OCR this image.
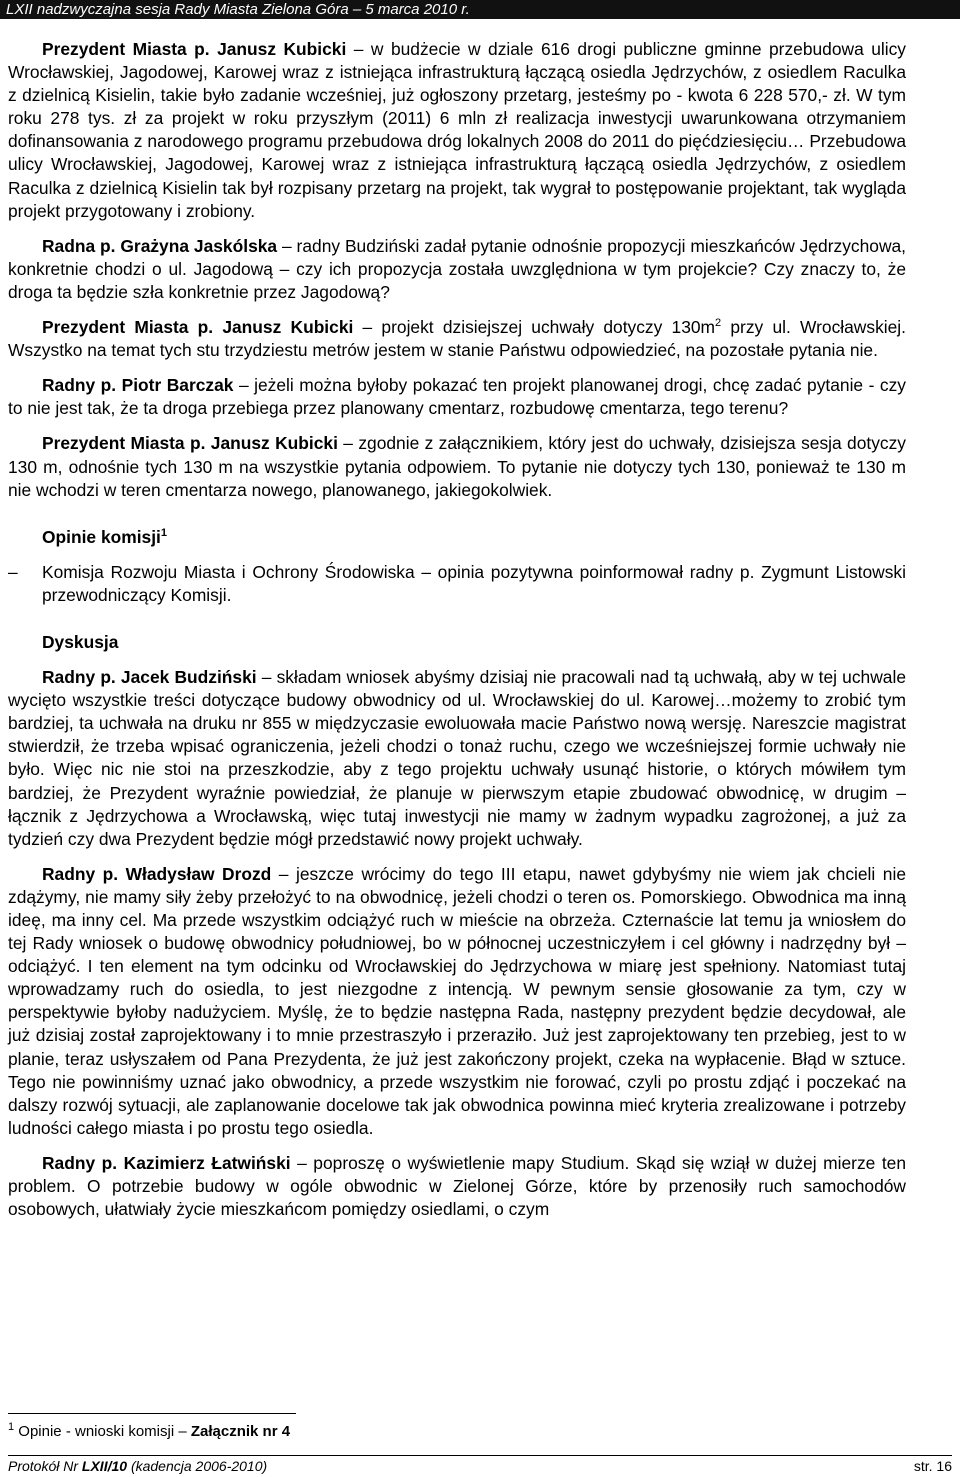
LXII nadzwyczajna sesja Rady Miasta Zielona Góra – 5 marca 2010 r.

Prezydent Miasta p. Janusz Kubicki – w budżecie w dziale 616 drogi publiczne gminne przebudowa ulicy Wrocławskiej, Jagodowej, Karowej wraz z istniejąca infrastrukturą łączącą osiedla Jędrzychów, z osiedlem Raculka z dzielnicą Kisielin, takie było zadanie wcześniej, już ogłoszony przetarg, jesteśmy po - kwota 6 228 570,- zł. W tym roku 278 tys. zł za projekt w roku przyszłym (2011) 6 mln zł realizacja inwestycji uwarunkowana otrzymaniem dofinansowania z narodowego programu przebudowa dróg lokalnych 2008 do 2011 do pięćdziesięciu… Przebudowa ulicy Wrocławskiej, Jagodowej, Karowej wraz z istniejąca infrastrukturą łączącą osiedla Jędrzychów, z osiedlem Raculka z dzielnicą Kisielin tak był rozpisany przetarg na projekt, tak wygrał to postępowanie projektant, tak wygląda projekt przygotowany i zrobiony.

Radna p. Grażyna Jaskólska – radny Budziński zadał pytanie odnośnie propozycji mieszkańców Jędrzychowa, konkretnie chodzi o ul. Jagodową – czy ich propozycja została uwzględniona w tym projekcie? Czy znaczy to, że droga ta będzie szła konkretnie przez Jagodową?

Prezydent Miasta p. Janusz Kubicki – projekt dzisiejszej uchwały dotyczy $130m^2$ przy ul. Wrocławskiej. Wszystko na temat tych stu trzydziestu metrów jestem w stanie Państwu odpowiedzieć, na pozostałe pytania nie.

Radny p. Piotr Barczak – jeżeli można byłoby pokazać ten projekt planowanej drogi, chcę zadać pytanie - czy to nie jest tak, że ta droga przebiega przez planowany cmentarz, rozbudowę cmentarza, tego terenu?

Prezydent Miasta p. Janusz Kubicki – zgodnie z załącznikiem, który jest do uchwały, dzisiejsza sesja dotyczy 130 m, odnośnie tych 130 m na wszystkie pytania odpowiem. To pytanie nie dotyczy tych 130, ponieważ te 130 m nie wchodzi w teren cmentarza nowego, planowanego, jakiegokolwiek.

Opinie komisji$^1$
–	Komisja Rozwoju Miasta i Ochrony Środowiska – opinia pozytywna poinformował radny p. Zygmunt Listowski przewodniczący Komisji.
Dyskusja

Radny p. Jacek Budziński – składam wniosek abyśmy dzisiaj nie pracowali nad tą uchwałą, aby w tej uchwale wycięto wszystkie treści dotyczące budowy obwodnicy od ul. Wrocławskiej do ul. Karowej…możemy to zrobić tym bardziej, ta uchwała na druku nr 855 w międzyczasie ewoluowała macie Państwo nową wersję. Nareszcie magistrat stwierdził, że trzeba wpisać ograniczenia, jeżeli chodzi o tonaż ruchu, czego we wcześniejszej formie uchwały nie było. Więc nic nie stoi na przeszkodzie, aby z tego projektu uchwały usunąć historie, o których mówiłem tym bardziej, że Prezydent wyraźnie powiedział, że planuje w pierwszym etapie zbudować obwodnicę, w drugim – łącznik z Jędrzychowa a Wrocławską, więc tutaj inwestycji nie mamy w żadnym wypadku zagrożonej, a już za tydzień czy dwa Prezydent będzie mógł przedstawić nowy projekt uchwały.

Radny p. Władysław Drozd – jeszcze wrócimy do tego III etapu, nawet gdybyśmy nie wiem jak chcieli nie zdążymy, nie mamy siły żeby przełożyć to na obwodnicę, jeżeli chodzi o teren os. Pomorskiego. Obwodnica ma inną ideę, ma inny cel. Ma przede wszystkim odciążyć ruch w mieście na obrzeża. Czternaście lat temu ja wniosłem do tej Rady wniosek o budowę obwodnicy południowej, bo w północnej uczestniczyłem i cel główny i nadrzędny był – odciążyć. I ten element na tym odcinku od Wrocławskiej do Jędrzychowa w miarę jest spełniony. Natomiast tutaj wprowadzamy ruch do osiedla, to jest niezgodne z intencją. W pewnym sensie głosowanie za tym, czy w perspektywie byłoby nadużyciem. Myślę, że to będzie następna Rada, następny prezydent będzie decydował, ale już dzisiaj został zaprojektowany i to mnie przestraszyło i przeraziło. Już jest zaprojektowany ten przebieg, jest to w planie, teraz usłyszałem od Pana Prezydenta, że już jest zakończony projekt, czeka na wypłacenie. Błąd w sztuce. Tego nie powinniśmy uznać jako obwodnicy, a przede wszystkim nie forować, czyli po prostu zdjąć i poczekać na dalszy rozwój sytuacji, ale zaplanowanie docelowe tak jak obwodnica powinna mieć kryteria zrealizowane i potrzeby ludności całego miasta i po prostu tego osiedla.

Radny p. Kazimierz Łatwiński – poproszę o wyświetlenie mapy Studium. Skąd się wziął w dużej mierze ten problem. O potrzebie budowy w ogóle obwodnic w Zielonej Górze, które by przenosiły ruch samochodów osobowych, ułatwiały życie mieszkańcom pomiędzy osiedlami, o czym

$^1$ Opinie - wnioski komisji – Załącznik nr 4
Protokół Nr LXII/10 (kadencja 2006-2010)	str. 16
